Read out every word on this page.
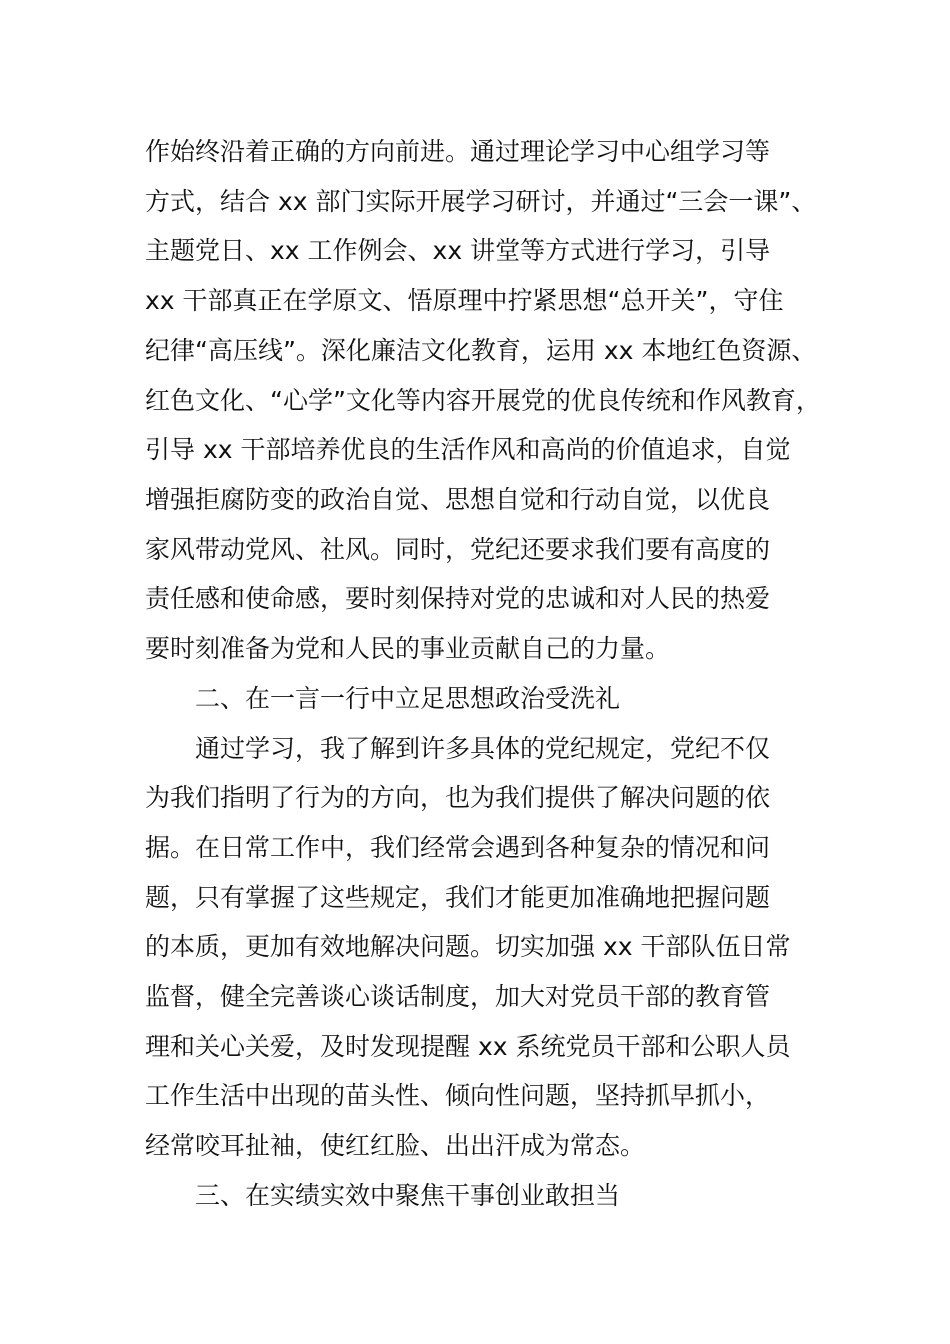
作始终沿着正确的方向前进。通过理论学习中心组学习等
方式，结合 xx 部门实际开展学习研讨，并通过“三会一课”、
主题党日、xx 工作例会、xx 讲堂等方式进行学习，引导
xx 干部真正在学原文、悟原理中拧紧思想“总开关”，守住
纪律“高压线”。深化廉洁文化教育，运用 xx 本地红色资源、
红色文化、“心学”文化等内容开展党的优良传统和作风教育，
引导 xx 干部培养优良的生活作风和高尚的价值追求，自觉
增强拒腐防变的政治自觉、思想自觉和行动自觉，以优良
家风带动党风、社风。同时，党纪还要求我们要有高度的
责任感和使命感，要时刻保持对党的忠诚和对人民的热爱
要时刻准备为党和人民的事业贡献自己的力量。
二、在一言一行中立足思想政治受洗礼
通过学习，我了解到许多具体的党纪规定，党纪不仅
为我们指明了行为的方向，也为我们提供了解决问题的依
据。在日常工作中，我们经常会遇到各种复杂的情况和问
题，只有掌握了这些规定，我们才能更加准确地把握问题
的本质，更加有效地解决问题。切实加强 xx 干部队伍日常
监督，健全完善谈心谈话制度，加大对党员干部的教育管
理和关心关爱，及时发现提醒 xx 系统党员干部和公职人员
工作生活中出现的苗头性、倾向性问题，坚持抓早抓小，
经常咬耳扯袖，使红红脸、出出汗成为常态。
三、在实绩实效中聚焦干事创业敢担当
